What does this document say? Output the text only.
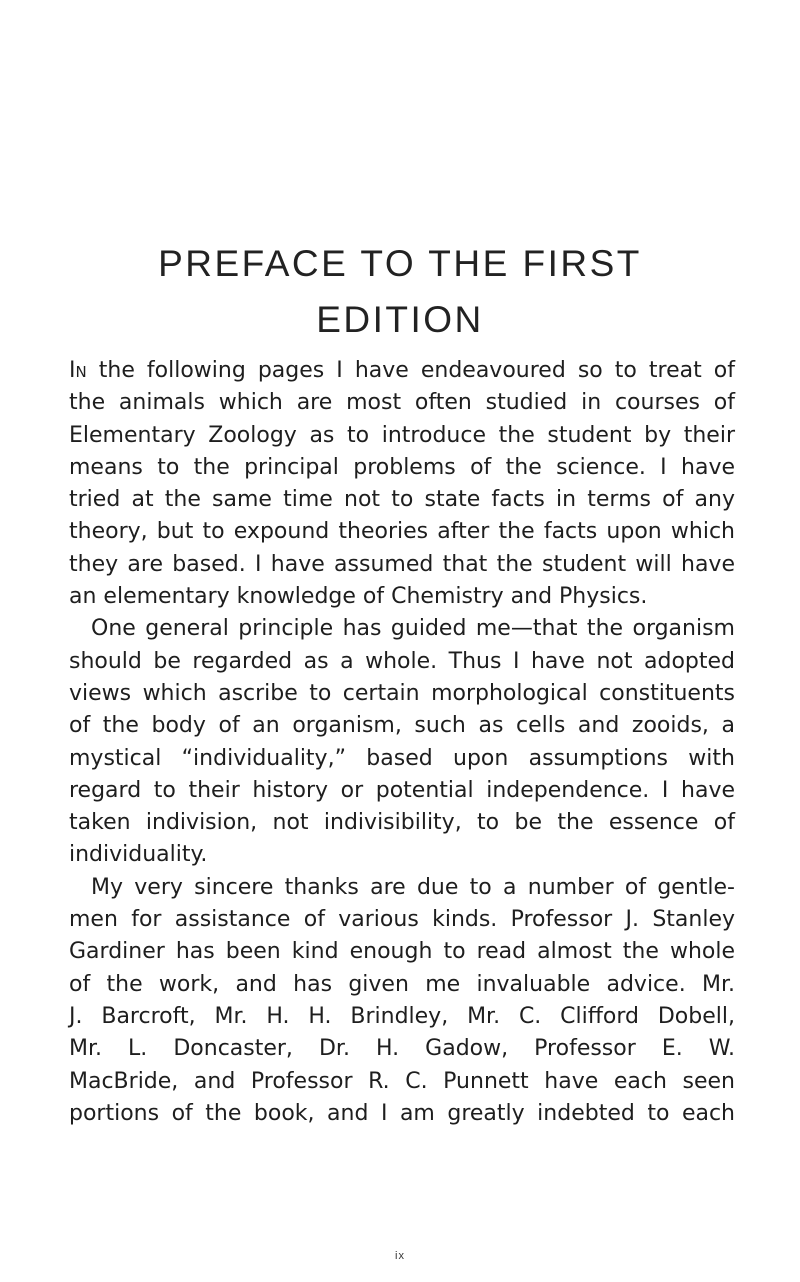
PREFACE TO THE FIRST
EDITION
In the following pages I have endeavoured so to treat of
the animals which are most often studied in courses of
Elementary Zoology as to introduce the student by their
means to the principal problems of the science. I have
tried at the same time not to state facts in terms of any
theory, but to expound theories after the facts upon which
they are based. I have assumed that the student will have
an elementary knowledge of Chemistry and Physics.
One general principle has guided me—that the organism
should be regarded as a whole. Thus I have not adopted
views which ascribe to certain morphological constituents
of the body of an organism, such as cells and zooids, a
mystical “individuality,” based upon assumptions with
regard to their history or potential independence. I have
taken indivision, not indivisibility, to be the essence of
individuality.
My very sincere thanks are due to a number of gentle-
men for assistance of various kinds. Professor J. Stanley
Gardiner has been kind enough to read almost the whole
of the work, and has given me invaluable advice. Mr.
J. Barcroft, Mr. H. H. Brindley, Mr. C. Clifford Dobell,
Mr. L. Doncaster, Dr. H. Gadow, Professor E. W.
MacBride, and Professor R. C. Punnett have each seen
portions of the book, and I am greatly indebted to each
ix
